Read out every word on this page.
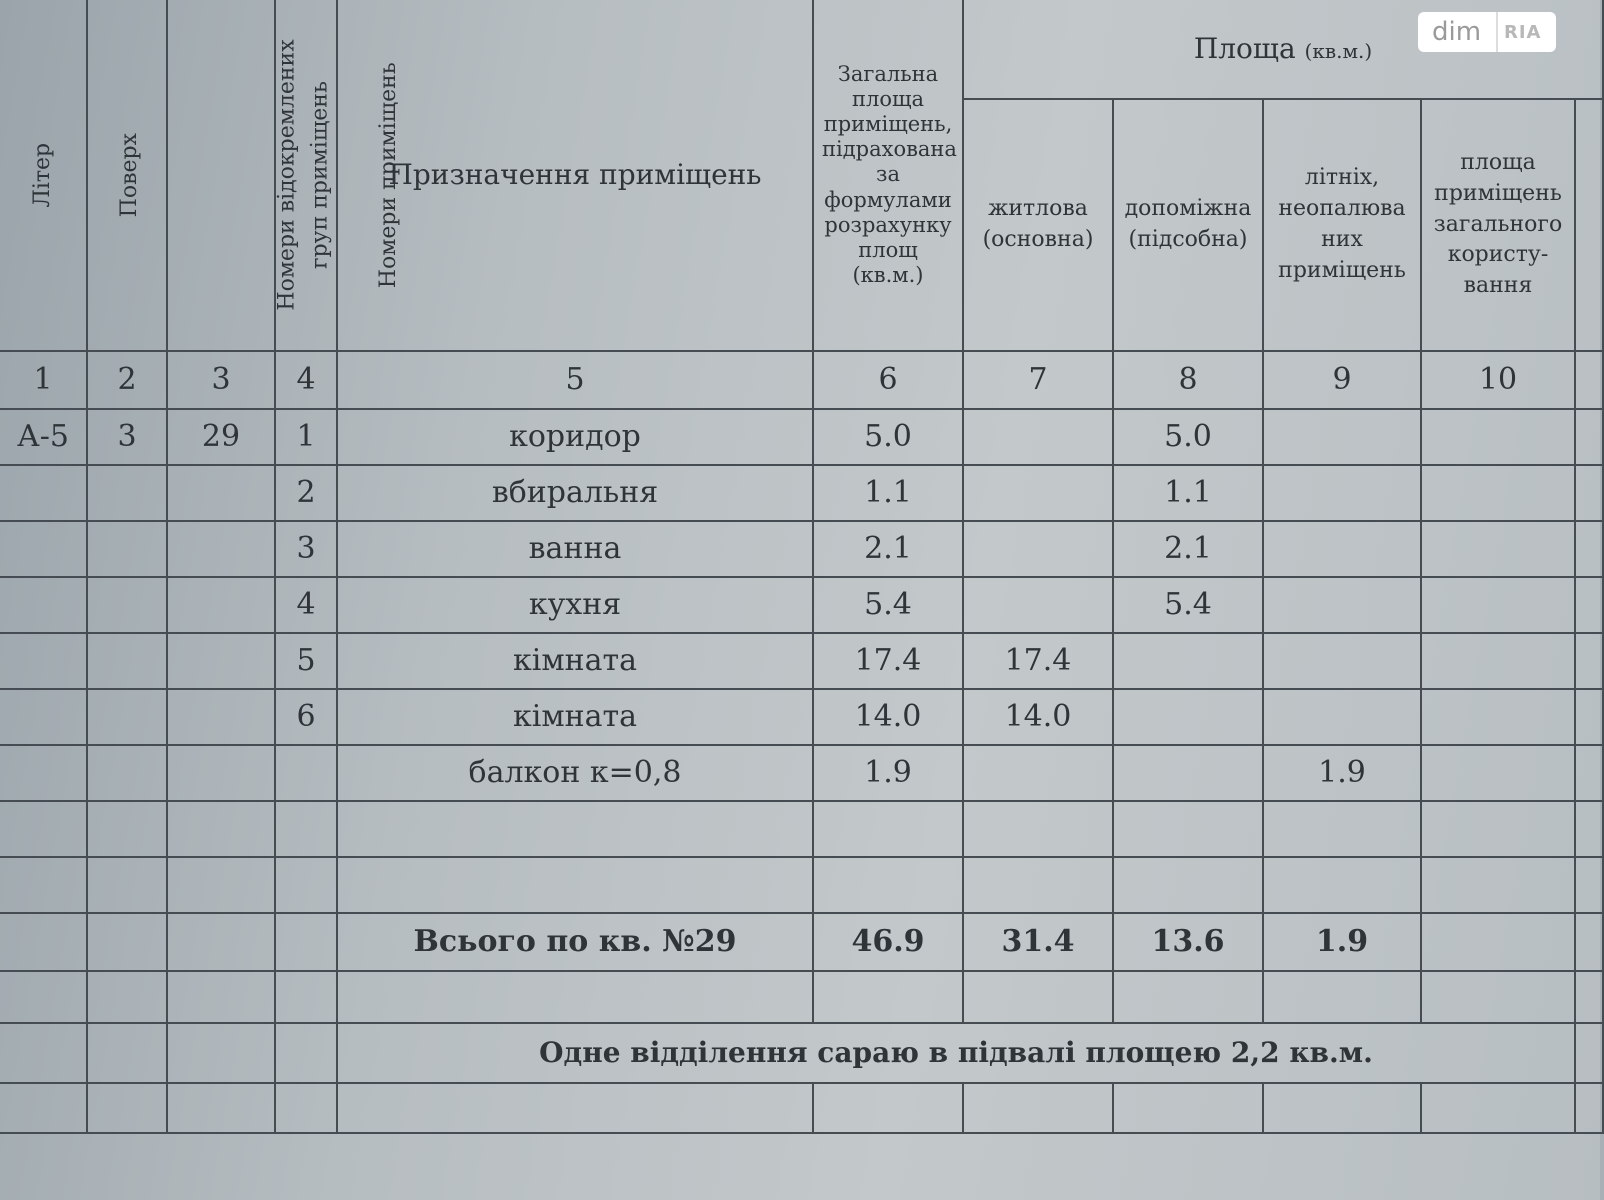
Літер	Поверх	Номери відокремлених груп приміщень	Номери приміщень	Призначення приміщень	Загальна площа приміщень, підрахована за формулами розрахунку площ (кв.м.)	Площа (кв.м.)				
						житлова (основна)	допоміжна (підсобна)	літніх, неопалюва них приміщень	площа приміщень загального користу- вання	
1	2	3	4	5	6	7	8	9	10	
А-5	3	29	1	коридор	5.0		5.0			
			2	вбиральня	1.1		1.1			
			3	ванна	2.1		2.1			
			4	кухня	5.4		5.4			
			5	кімната	17.4	17.4				
			6	кімната	14.0	14.0				
				балкон к=0,8	1.9			1.9		

				Всього по кв. №29	46.9	31.4	13.6	1.9		

				Одне відділення сараю в підвалі площею 2,2 кв.м.						

dim	RIA
